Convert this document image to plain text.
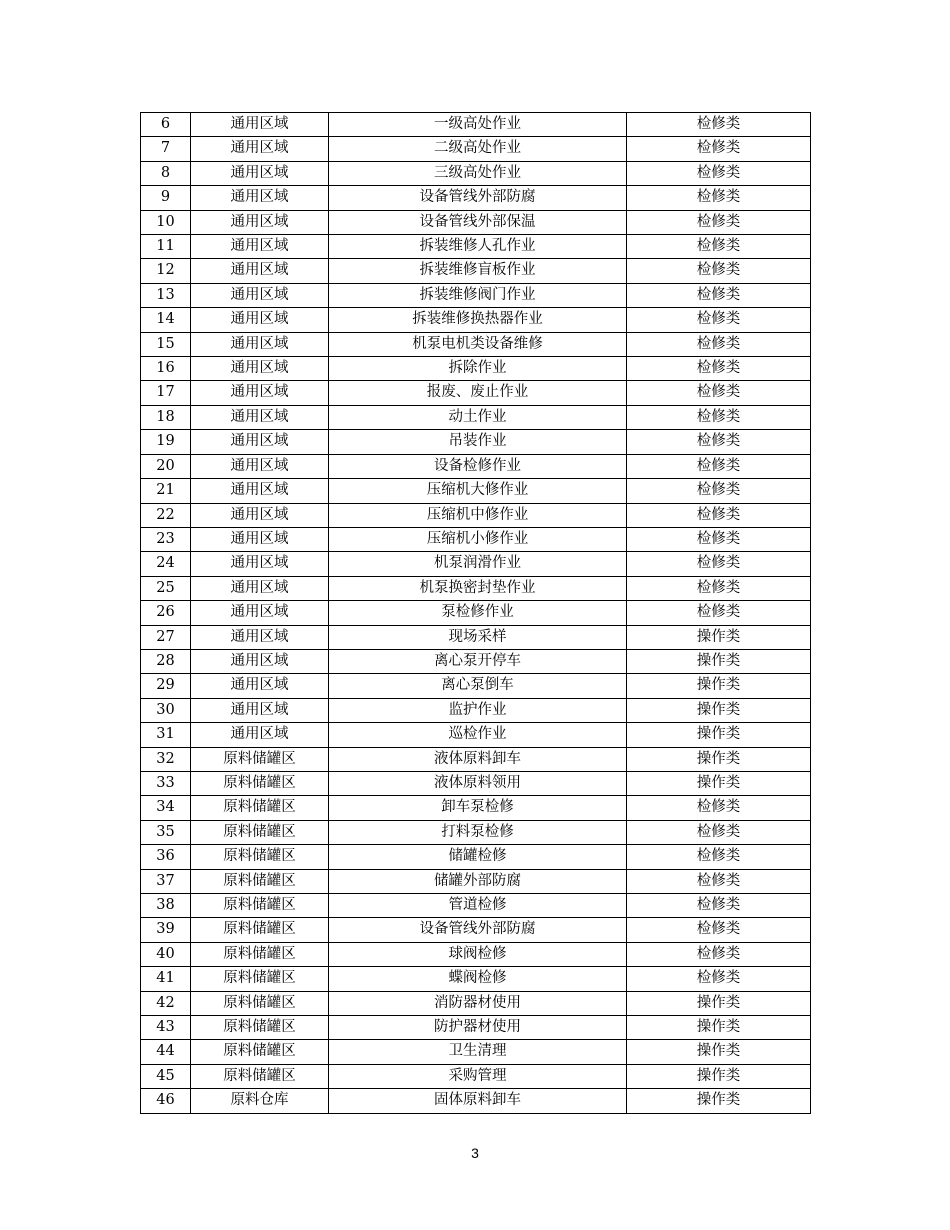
6	通用区域	一级高处作业	检修类
7	通用区域	二级高处作业	检修类
8	通用区域	三级高处作业	检修类
9	通用区域	设备管线外部防腐	检修类
10	通用区域	设备管线外部保温	检修类
11	通用区域	拆装维修人孔作业	检修类
12	通用区域	拆装维修盲板作业	检修类
13	通用区域	拆装维修阀门作业	检修类
14	通用区域	拆装维修换热器作业	检修类
15	通用区域	机泵电机类设备维修	检修类
16	通用区域	拆除作业	检修类
17	通用区域	报废、废止作业	检修类
18	通用区域	动土作业	检修类
19	通用区域	吊装作业	检修类
20	通用区域	设备检修作业	检修类
21	通用区域	压缩机大修作业	检修类
22	通用区域	压缩机中修作业	检修类
23	通用区域	压缩机小修作业	检修类
24	通用区域	机泵润滑作业	检修类
25	通用区域	机泵换密封垫作业	检修类
26	通用区域	泵检修作业	检修类
27	通用区域	现场采样	操作类
28	通用区域	离心泵开停车	操作类
29	通用区域	离心泵倒车	操作类
30	通用区域	监护作业	操作类
31	通用区域	巡检作业	操作类
32	原料储罐区	液体原料卸车	操作类
33	原料储罐区	液体原料领用	操作类
34	原料储罐区	卸车泵检修	检修类
35	原料储罐区	打料泵检修	检修类
36	原料储罐区	储罐检修	检修类
37	原料储罐区	储罐外部防腐	检修类
38	原料储罐区	管道检修	检修类
39	原料储罐区	设备管线外部防腐	检修类
40	原料储罐区	球阀检修	检修类
41	原料储罐区	蝶阀检修	检修类
42	原料储罐区	消防器材使用	操作类
43	原料储罐区	防护器材使用	操作类
44	原料储罐区	卫生清理	操作类
45	原料储罐区	采购管理	操作类
46	原料仓库	固体原料卸车	操作类
3
